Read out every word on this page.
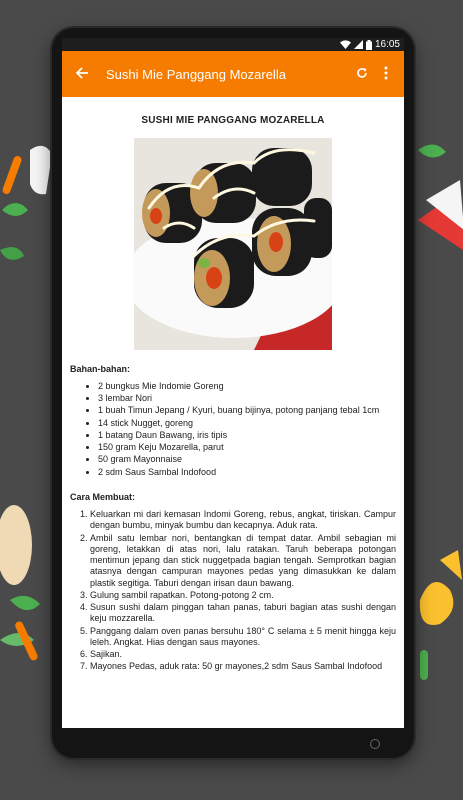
16:05
Sushi Mie Panggang Mozarella
SUSHI MIE PANGGANG MOZARELLA
Bahan-bahan:
• 2 bungkus Mie Indomie Goreng
• 3 lembar Nori
• 1 buah Timun Jepang / Kyuri, buang bijinya, potong panjang tebal 1cm
• 14 stick Nugget, goreng
• 1 batang Daun Bawang, iris tipis
• 150 gram Keju Mozarella, parut
• 50 gram Mayonnaise
• 2 sdm Saus Sambal Indofood
Cara Membuat:
1. Keluarkan mi dari kemasan Indomi Goreng, rebus, angkat, tiriskan. Campur dengan bumbu, minyak bumbu dan kecapnya. Aduk rata.
2. Ambil satu lembar nori, bentangkan di tempat datar. Ambil sebagian mi goreng, letakkan di atas nori, lalu ratakan. Taruh beberapa potongan mentimun jepang dan stick nuggetpada bagian tengah. Semprotkan bagian atasnya dengan campuran mayones pedas yang dimasukkan ke dalam plastik segitiga. Taburi dengan irisan daun bawang.
3. Gulung sambil rapatkan. Potong-potong 2 cm.
4. Susun sushi dalam pinggan tahan panas, taburi bagian atas sushi dengan keju mozzarella.
5. Panggang dalam oven panas bersuhu 180° C selama ± 5 menit hingga keju leleh. Angkat. Hias dengan saus mayones.
6. Sajikan.
7. Mayones Pedas, aduk rata: 50 gr mayones,2 sdm Saus Sambal Indofood
